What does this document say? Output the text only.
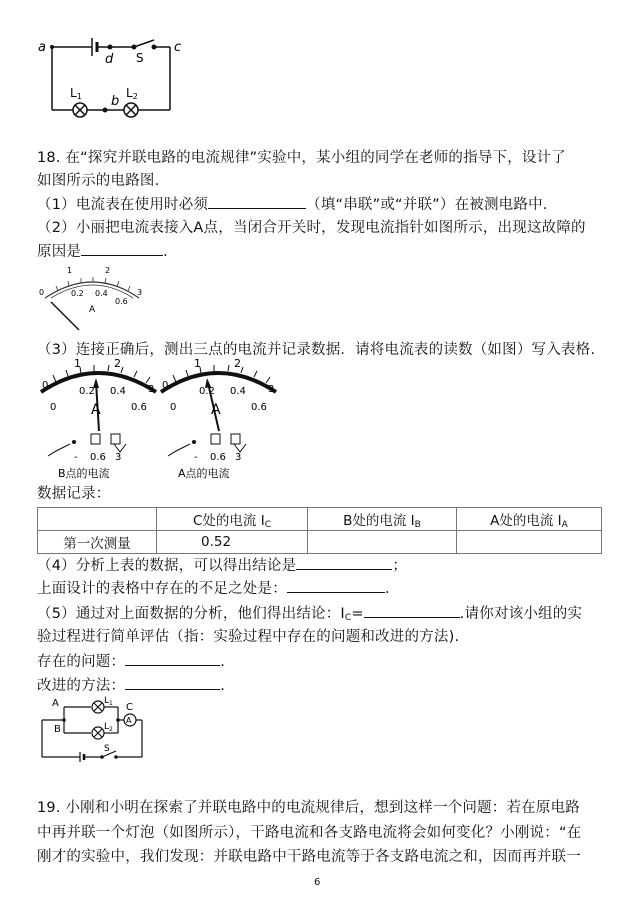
a
d S
c
L1 b
L2
18. 在“探究并联电路的电流规律”实验中，某小组的同学在老师的指导下，设计了
如图所示的电路图.
（1）电流表在使用时必须	（填“串联”或“并联”）在被测电路中.
（2）小丽把电流表接入A点，当闭合开关时，发现电流指针如图所示，出现这故障的
原因是	.
1	2
0	0.2 0.4
0.6
3
A
（3）连接正确后，测出三点的电流并记录数据．请将电流表的读数（如图）写入表格.
1	2
0	3
0.2 0.4
0	0.6
A
- 0.6 3
B点的电流
1	2
0	3
0.2 0.4
0	0.6
A
- 0.6 3
A点的电流
数据记录：
	C处的电流 $I_C$	B处的电流 $I_B$	A处的电流 $I_A$
第一次测量	0.52		
（4）分析上表的数据，可以得出结论是	；
上面设计的表格中存在的不足之处是：	.
（5）通过对上面数据的分析，他们得出结论：$I_C=$	.请你对该小组的实
验过程进行简单评估（指：实验过程中存在的问题和改进的方法).
存在的问题：	.
改进的方法：	.
A
B
C
$L_1$
$L_2$
S
A
19. 小刚和小明在探索了并联电路中的电流规律后，想到这样一个问题：若在原电路
中再并联一个灯泡（如图所示），干路电流和各支路电流将会如何变化？小刚说：“在
刚才的实验中，我们发现：并联电路中干路电流等于各支路电流之和，因而再并联一
6
